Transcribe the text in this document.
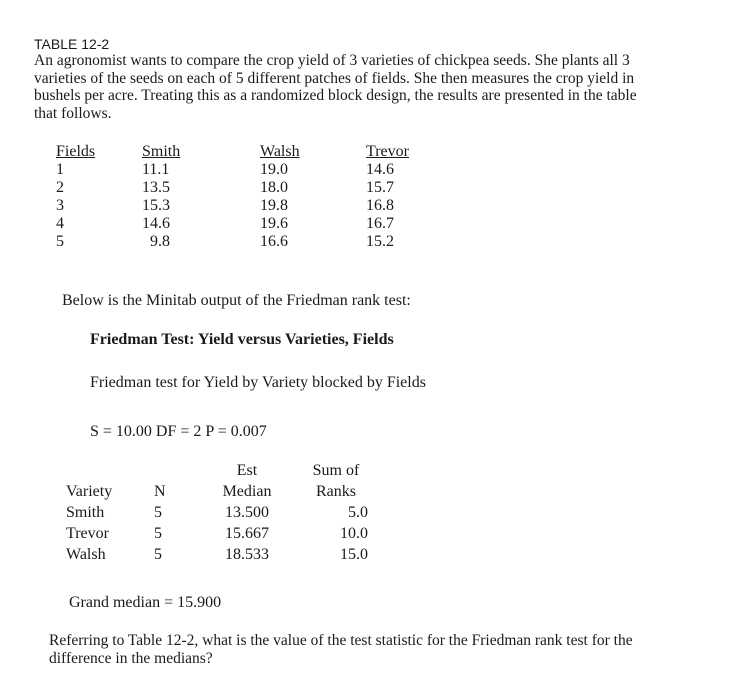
TABLE 12-2
An agronomist wants to compare the crop yield of 3 varieties of chickpea seeds. She plants all 3
varieties of the seeds on each of 5 different patches of fields. She then measures the crop yield in
bushels per acre. Treating this as a randomized block design, the results are presented in the table
that follows.
Fields	Smith	Walsh	Trevor
1	11.1	19.0	14.6
2	13.5	18.0	15.7
3	15.3	19.8	16.8
4	14.6	19.6	16.7
5	9.8	16.6	15.2
Below is the Minitab output of the Friedman rank test:
Friedman Test: Yield versus Varieties, Fields
Friedman test for Yield by Variety blocked by Fields
S = 10.00 DF = 2 P = 0.007
		Est	Sum of
Variety	N	Median	Ranks
Smith	5	13.500	5.0
Trevor	5	15.667	10.0
Walsh	5	18.533	15.0
Grand median = 15.900
Referring to Table 12-2, what is the value of the test statistic for the Friedman rank test for the
difference in the medians?
